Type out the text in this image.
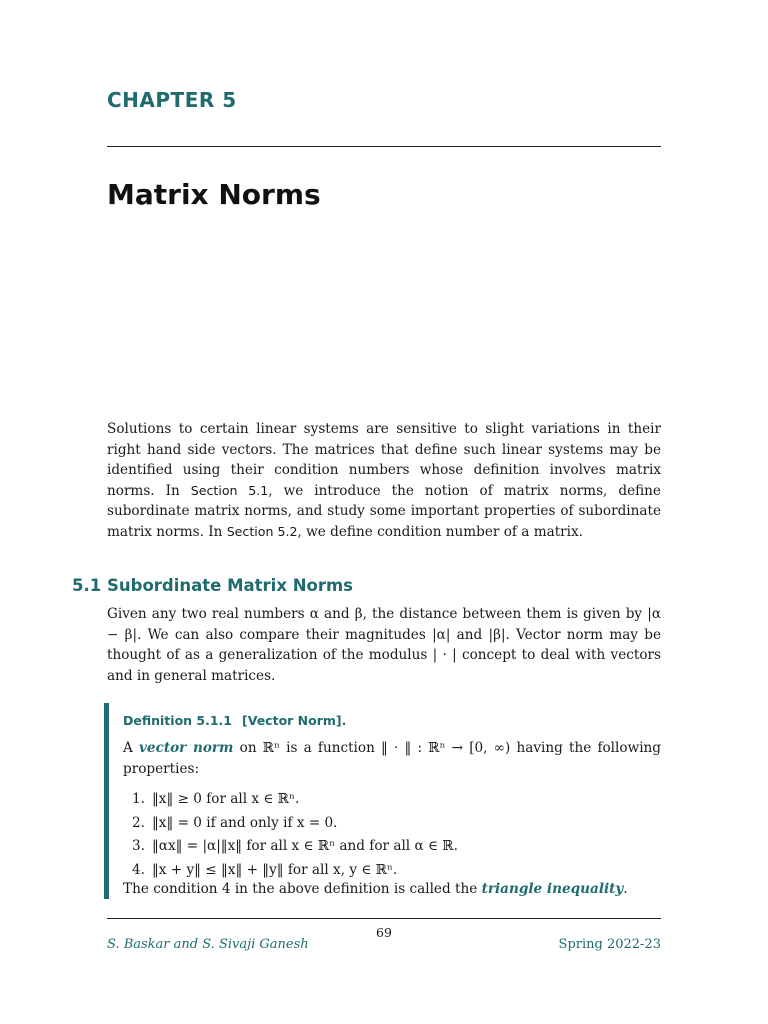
CHAPTER 5
Matrix Norms
Solutions to certain linear systems are sensitive to slight variations in their right hand side vectors. The matrices that define such linear systems may be identified using their condition numbers whose definition involves matrix norms. In Section 5.1, we introduce the notion of matrix norms, define subordinate matrix norms, and study some important properties of subordinate matrix norms. In Section 5.2, we define condition number of a matrix.
5.1 Subordinate Matrix Norms
Given any two real numbers α and β, the distance between them is given by |α − β|. We can also compare their magnitudes |α| and |β|. Vector norm may be thought of as a generalization of the modulus | · | concept to deal with vectors and in general matrices.
Definition 5.1.1 [Vector Norm].
A vector norm on ℝⁿ is a function ‖ · ‖ : ℝⁿ → [0, ∞) having the following properties:
1. ‖x‖ ≥ 0 for all x ∈ ℝⁿ.
2. ‖x‖ = 0 if and only if x = 0.
3. ‖αx‖ = |α|‖x‖ for all x ∈ ℝⁿ and for all α ∈ ℝ.
4. ‖x + y‖ ≤ ‖x‖ + ‖y‖ for all x, y ∈ ℝⁿ.
The condition 4 in the above definition is called the triangle inequality.
69
S. Baskar and S. Sivaji Ganesh	Spring 2022-23
